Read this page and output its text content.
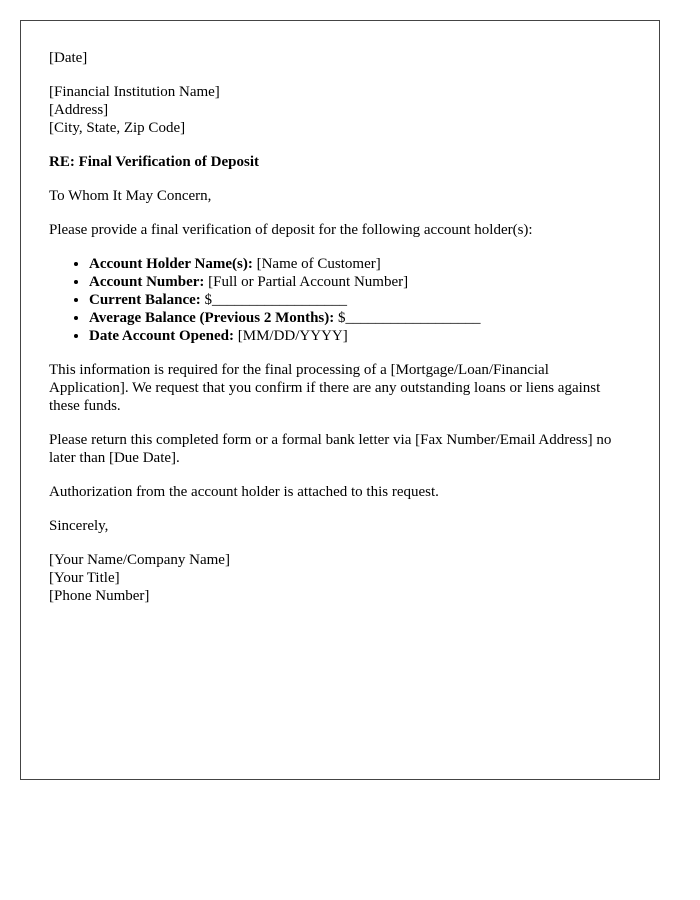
[Date]
[Financial Institution Name]
[Address]
[City, State, Zip Code]
RE: Final Verification of Deposit
To Whom It May Concern,
Please provide a final verification of deposit for the following account holder(s):
• Account Holder Name(s): [Name of Customer]
• Account Number: [Full or Partial Account Number]
• Current Balance: $__________________
• Average Balance (Previous 2 Months): $__________________
• Date Account Opened: [MM/DD/YYYY]
This information is required for the final processing of a [Mortgage/Loan/Financial Application]. We request that you confirm if there are any outstanding loans or liens against these funds.
Please return this completed form or a formal bank letter via [Fax Number/Email Address] no later than [Due Date].
Authorization from the account holder is attached to this request.
Sincerely,
[Your Name/Company Name]
[Your Title]
[Phone Number]
